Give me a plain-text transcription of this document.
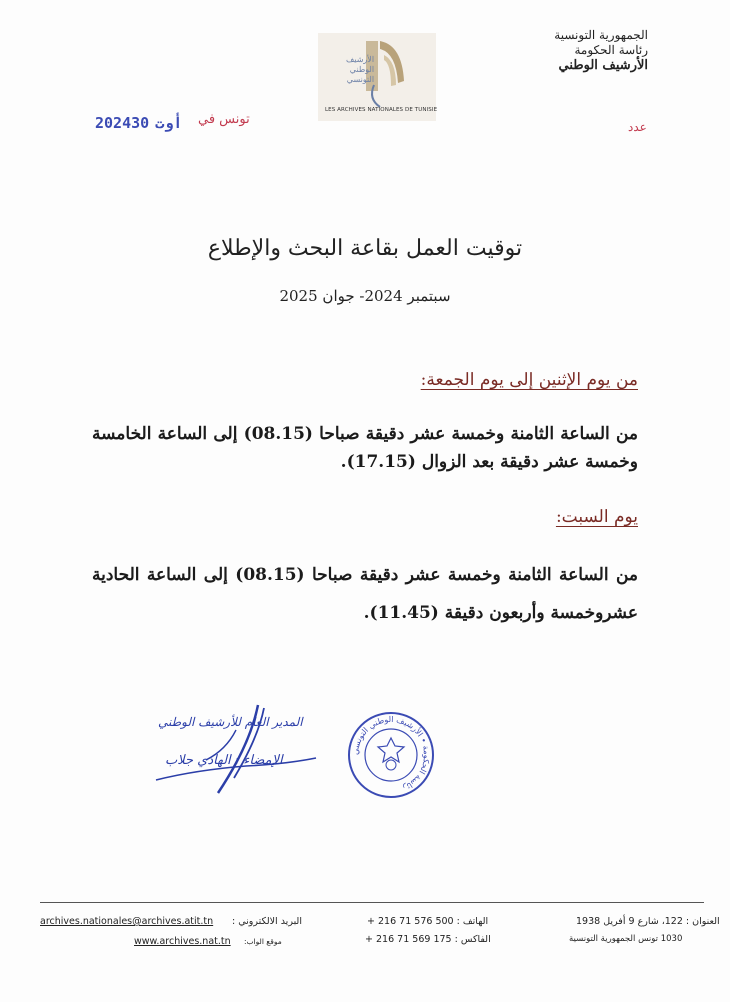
الجمهورية التونسية
رئاسة الحكومة
الأرشيف الوطني
الأرشيف
الوطني
التونسي
LES ARCHIVES NATIONALES DE TUNISIE
تونس في
2024 أوت30	عدد
توقيت العمل بقاعة البحث والإطلاع
سبتمبر 2024- جوان 2025
من يوم الإثنين إلى يوم الجمعة:
من الساعة الثامنة وخمسة عشر دقيقة صباحا (08.15) إلى الساعة الخامسة وخمسة عشر دقيقة بعد الزوال (17.15).
يوم السبت:
من الساعة الثامنة وخمسة عشر دقيقة صباحا (08.15) إلى الساعة الحادية عشروخمسة وأربعون دقيقة (11.45).
رئاسة الحكومة • الأرشيف الوطني التونسي
المدير العام للأرشيف الوطني
الإمضاء : الهادي جلاب
archives.nationales@archives.atit.tn البريد الالكتروني :
www.archives.nat.tn موقع الواب:
الهاتف : 500 576 71 216 +
الفاكس : 175 569 71 216 +
العنوان : 122، شارع 9 أفريل 1938
1030 تونس الجمهورية التونسية
